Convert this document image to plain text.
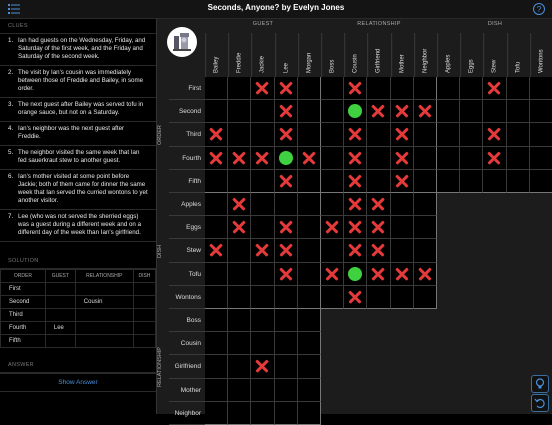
Seconds, Anyone? by Evelyn Jones	?
CLUES
1. Ian had guests on the Wednesday, Friday, and Saturday of the first week, and the Friday and Saturday of the second week.
2. The visit by Ian's cousin was immediately between those of Freddie and Bailey, in some order.
3. The next guest after Bailey was served tofu in orange sauce, but not on a Saturday.
4. Ian's neighbor was the next guest after Freddie.
5. The neighbor visited the same week that Ian fed sauerkraut stew to another guest.
6. Ian's mother visited at some point before Jackie; both of them came for dinner the same week that Ian served the curried wontons to yet another visitor.
7. Lee (who was not served the sherried eggs) was a guest during a different week and on a different day of the week than Ian's girlfriend.
SOLUTION
ORDER	GUEST	RELATIONSHIP	DISH
First			
Second		Cousin	
Third			
Fourth	Lee		
Fifth			
ANSWER
Show Answer
GUEST
Bailey	Freddie	Jackie	Lee	Morgan
RELATIONSHIP
Boss	Cousin	Girlfriend	Mother	Neighbor
DISH
Apples	Eggs	Stew	Tofu	Wontons
ORDER
First
Second
Third
Fourth
Fifth
DISH
Apples
Eggs
Stew
Tofu
Wontons
RELATIONSHIP
Boss
Cousin
Girlfriend
Mother
Neighbor
